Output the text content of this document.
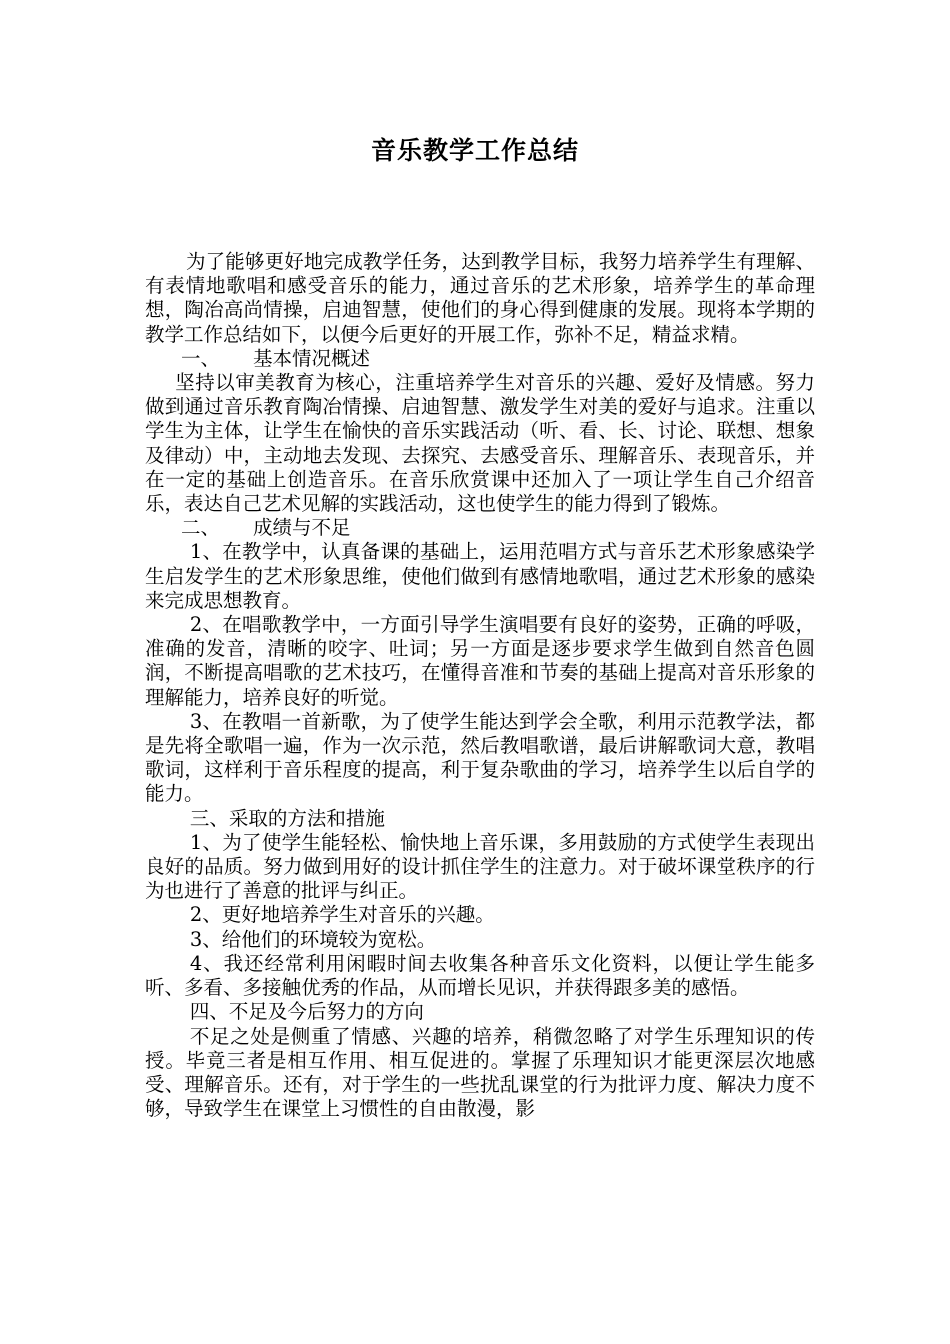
音乐教学工作总结

为了能够更好地完成教学任务，达到教学目标，我努力培养学生有理解、有表情地歌唱和感受音乐的能力，通过音乐的艺术形象，培养学生的革命理想，陶冶高尚情操，启迪智慧，使他们的身心得到健康的发展。现将本学期的教学工作总结如下，以便今后更好的开展工作，弥补不足，精益求精。

一、	基本情况概述

坚持以审美教育为核心，注重培养学生对音乐的兴趣、爱好及情感。努力做到通过音乐教育陶冶情操、启迪智慧、激发学生对美的爱好与追求。注重以学生为主体，让学生在愉快的音乐实践活动（听、看、长、讨论、联想、想象及律动）中，主动地去发现、去探究、去感受音乐、理解音乐、表现音乐，并在一定的基础上创造音乐。在音乐欣赏课中还加入了一项让学生自己介绍音乐，表达自己艺术见解的实践活动，这也使学生的能力得到了锻炼。

二、	成绩与不足

1、在教学中，认真备课的基础上，运用范唱方式与音乐艺术形象感染学生启发学生的艺术形象思维，使他们做到有感情地歌唱，通过艺术形象的感染来完成思想教育。

2、在唱歌教学中，一方面引导学生演唱要有良好的姿势，正确的呼吸，准确的发音，清晰的咬字、吐词；另一方面是逐步要求学生做到自然音色圆润，不断提高唱歌的艺术技巧，在懂得音准和节奏的基础上提高对音乐形象的理解能力，培养良好的听觉。

3、在教唱一首新歌，为了使学生能达到学会全歌，利用示范教学法，都是先将全歌唱一遍，作为一次示范，然后教唱歌谱，最后讲解歌词大意，教唱歌词，这样利于音乐程度的提高，利于复杂歌曲的学习，培养学生以后自学的能力。

三、采取的方法和措施

1、为了使学生能轻松、愉快地上音乐课，多用鼓励的方式使学生表现出良好的品质。努力做到用好的设计抓住学生的注意力。对于破坏课堂秩序的行为也进行了善意的批评与纠正。

2、更好地培养学生对音乐的兴趣。

3、给他们的环境较为宽松。

4、我还经常利用闲暇时间去收集各种音乐文化资料，以便让学生能多听、多看、多接触优秀的作品，从而增长见识，并获得跟多美的感悟。

四、不足及今后努力的方向

不足之处是侧重了情感、兴趣的培养，稍微忽略了对学生乐理知识的传授。毕竟三者是相互作用、相互促进的。掌握了乐理知识才能更深层次地感受、理解音乐。还有，对于学生的一些扰乱课堂的行为批评力度、解决力度不够，导致学生在课堂上习惯性的自由散漫，影
